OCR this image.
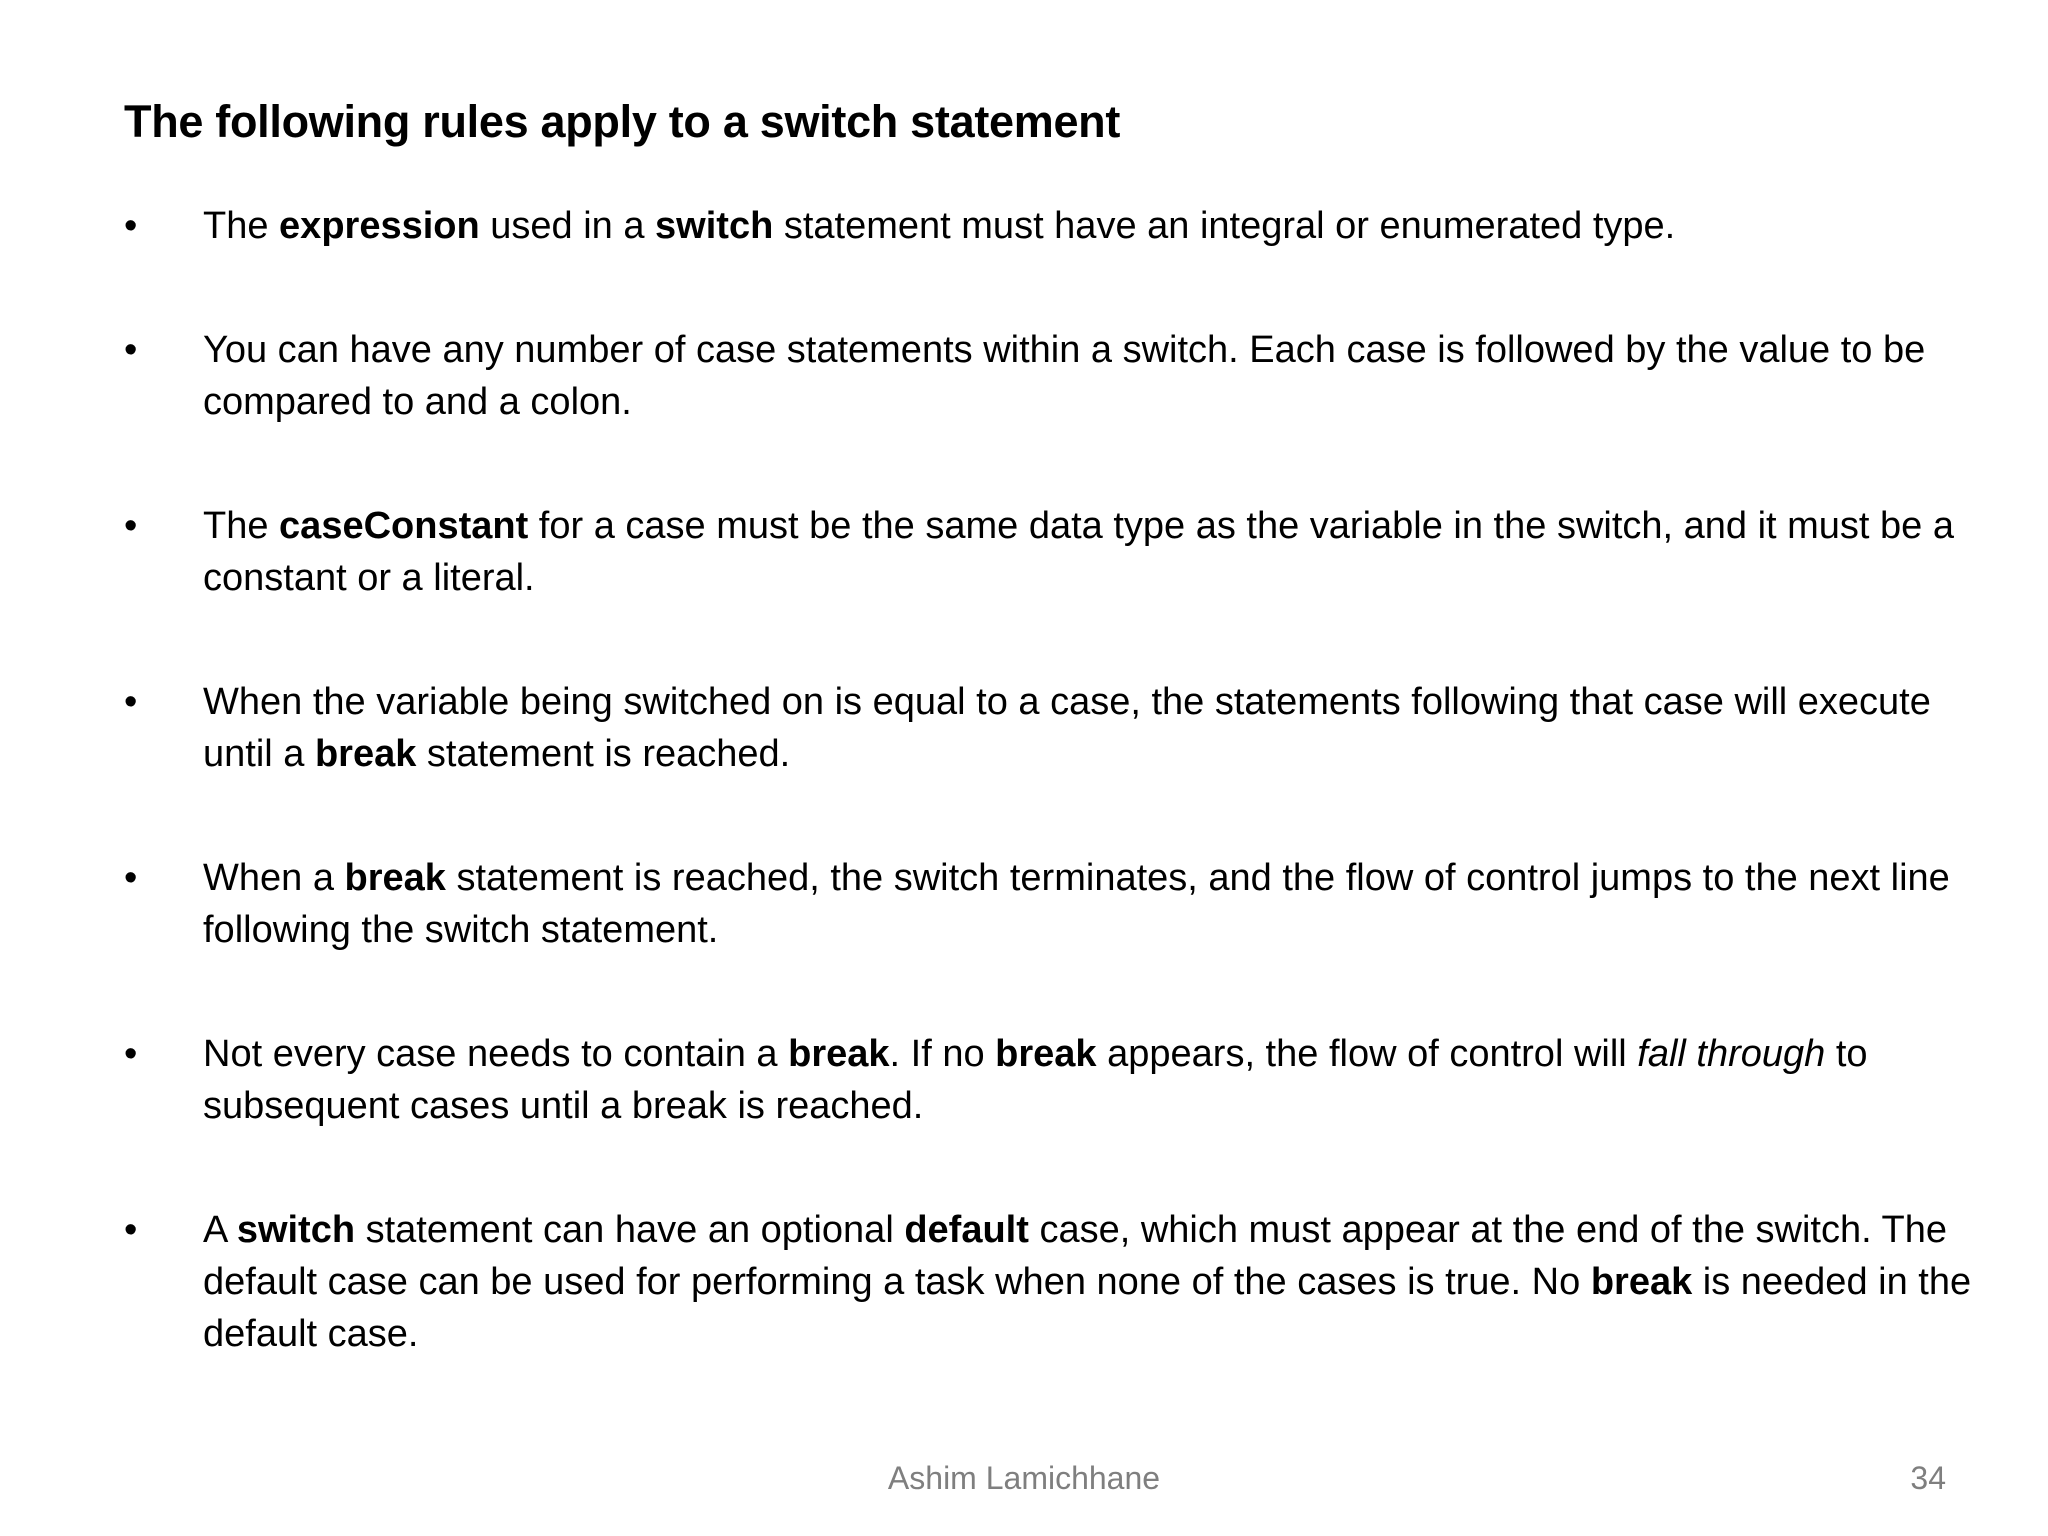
The following rules apply to a switch statement
•	The expression used in a switch statement must have an integral or enumerated type.
•	You can have any number of case statements within a switch. Each case is followed by the value to be compared to and a colon.
•	The caseConstant for a case must be the same data type as the variable in the switch, and it must be a constant or a literal.
•	When the variable being switched on is equal to a case, the statements following that case will execute until a break statement is reached.
•	When a break statement is reached, the switch terminates, and the flow of control jumps to the next line following the switch statement.
•	Not every case needs to contain a break. If no break appears, the flow of control will fall through to subsequent cases until a break is reached.
•	A switch statement can have an optional default case, which must appear at the end of the switch. The default case can be used for performing a task when none of the cases is true. No break is needed in the default case.
Ashim Lamichhane	34
